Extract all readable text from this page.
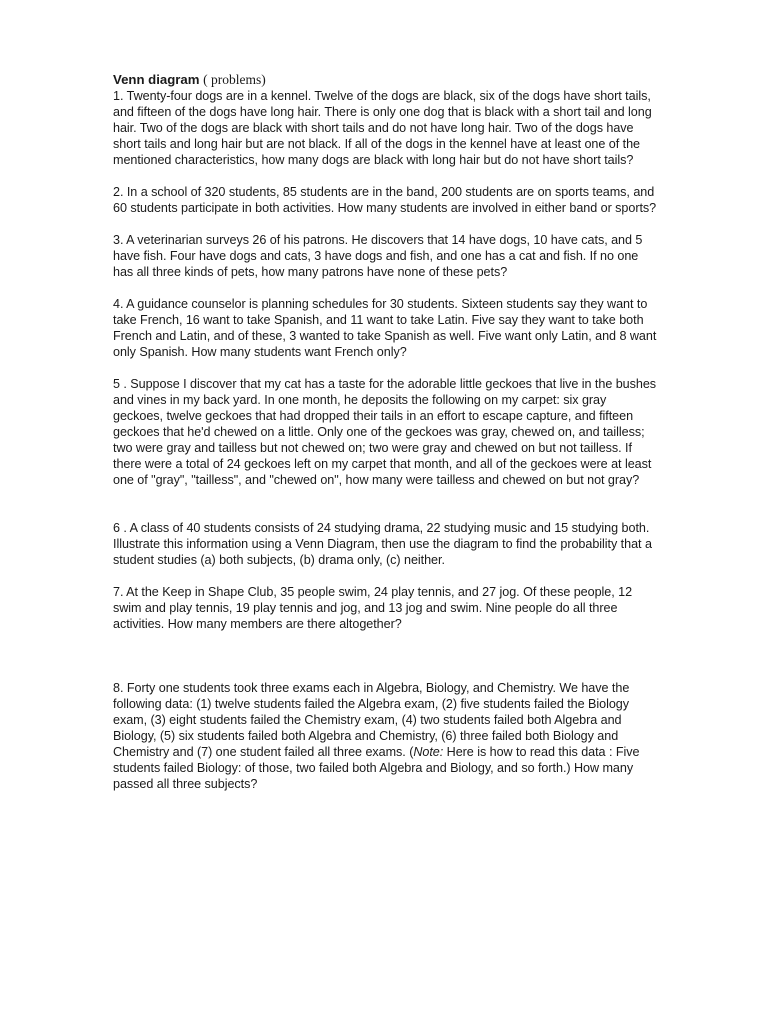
Venn diagram ( problems)

1. Twenty-four dogs are in a kennel. Twelve of the dogs are black, six of the dogs have short tails, and fifteen of the dogs have long hair. There is only one dog that is black with a short tail and long hair. Two of the dogs are black with short tails and do not have long hair. Two of the dogs have short tails and long hair but are not black. If all of the dogs in the kennel have at least one of the mentioned characteristics, how many dogs are black with long hair but do not have short tails?

2. In a school of 320 students, 85 students are in the band, 200 students are on sports teams, and 60 students participate in both activities. How many students are involved in either band or sports?

3. A veterinarian surveys 26 of his patrons. He discovers that 14 have dogs, 10 have cats, and 5 have fish. Four have dogs and cats, 3 have dogs and fish, and one has a cat and fish. If no one has all three kinds of pets, how many patrons have none of these pets?

4. A guidance counselor is planning schedules for 30 students. Sixteen students say they want to take French, 16 want to take Spanish, and 11 want to take Latin. Five say they want to take both French and Latin, and of these, 3 wanted to take Spanish as well. Five want only Latin, and 8 want only Spanish. How many students want French only?

5 . Suppose I discover that my cat has a taste for the adorable little geckoes that live in the bushes and vines in my back yard. In one month, he deposits the following on my carpet: six gray geckoes, twelve geckoes that had dropped their tails in an effort to escape capture, and fifteen geckoes that he'd chewed on a little. Only one of the geckoes was gray, chewed on, and tailless; two were gray and tailless but not chewed on; two were gray and chewed on but not tailless. If there were a total of 24 geckoes left on my carpet that month, and all of the geckoes were at least one of "gray", "tailless", and "chewed on", how many were tailless and chewed on but not gray?

6 . A class of 40 students consists of 24 studying drama, 22 studying music and 15 studying both. Illustrate this information using a Venn Diagram, then use the diagram to find the probability that a student studies (a) both subjects, (b) drama only, (c) neither.

7. At the Keep in Shape Club, 35 people swim, 24 play tennis, and 27 jog. Of these people, 12 swim and play tennis, 19 play tennis and jog, and 13 jog and swim. Nine people do all three activities. How many members are there altogether?

8. Forty one students took three exams each in Algebra, Biology, and Chemistry. We have the following data: (1) twelve students failed the Algebra exam, (2) five students failed the Biology exam, (3) eight students failed the Chemistry exam, (4) two students failed both Algebra and Biology, (5) six students failed both Algebra and Chemistry, (6) three failed both Biology and Chemistry and (7) one student failed all three exams. (Note: Here is how to read this data : Five students failed Biology: of those, two failed both Algebra and Biology, and so forth.) How many passed all three subjects?
